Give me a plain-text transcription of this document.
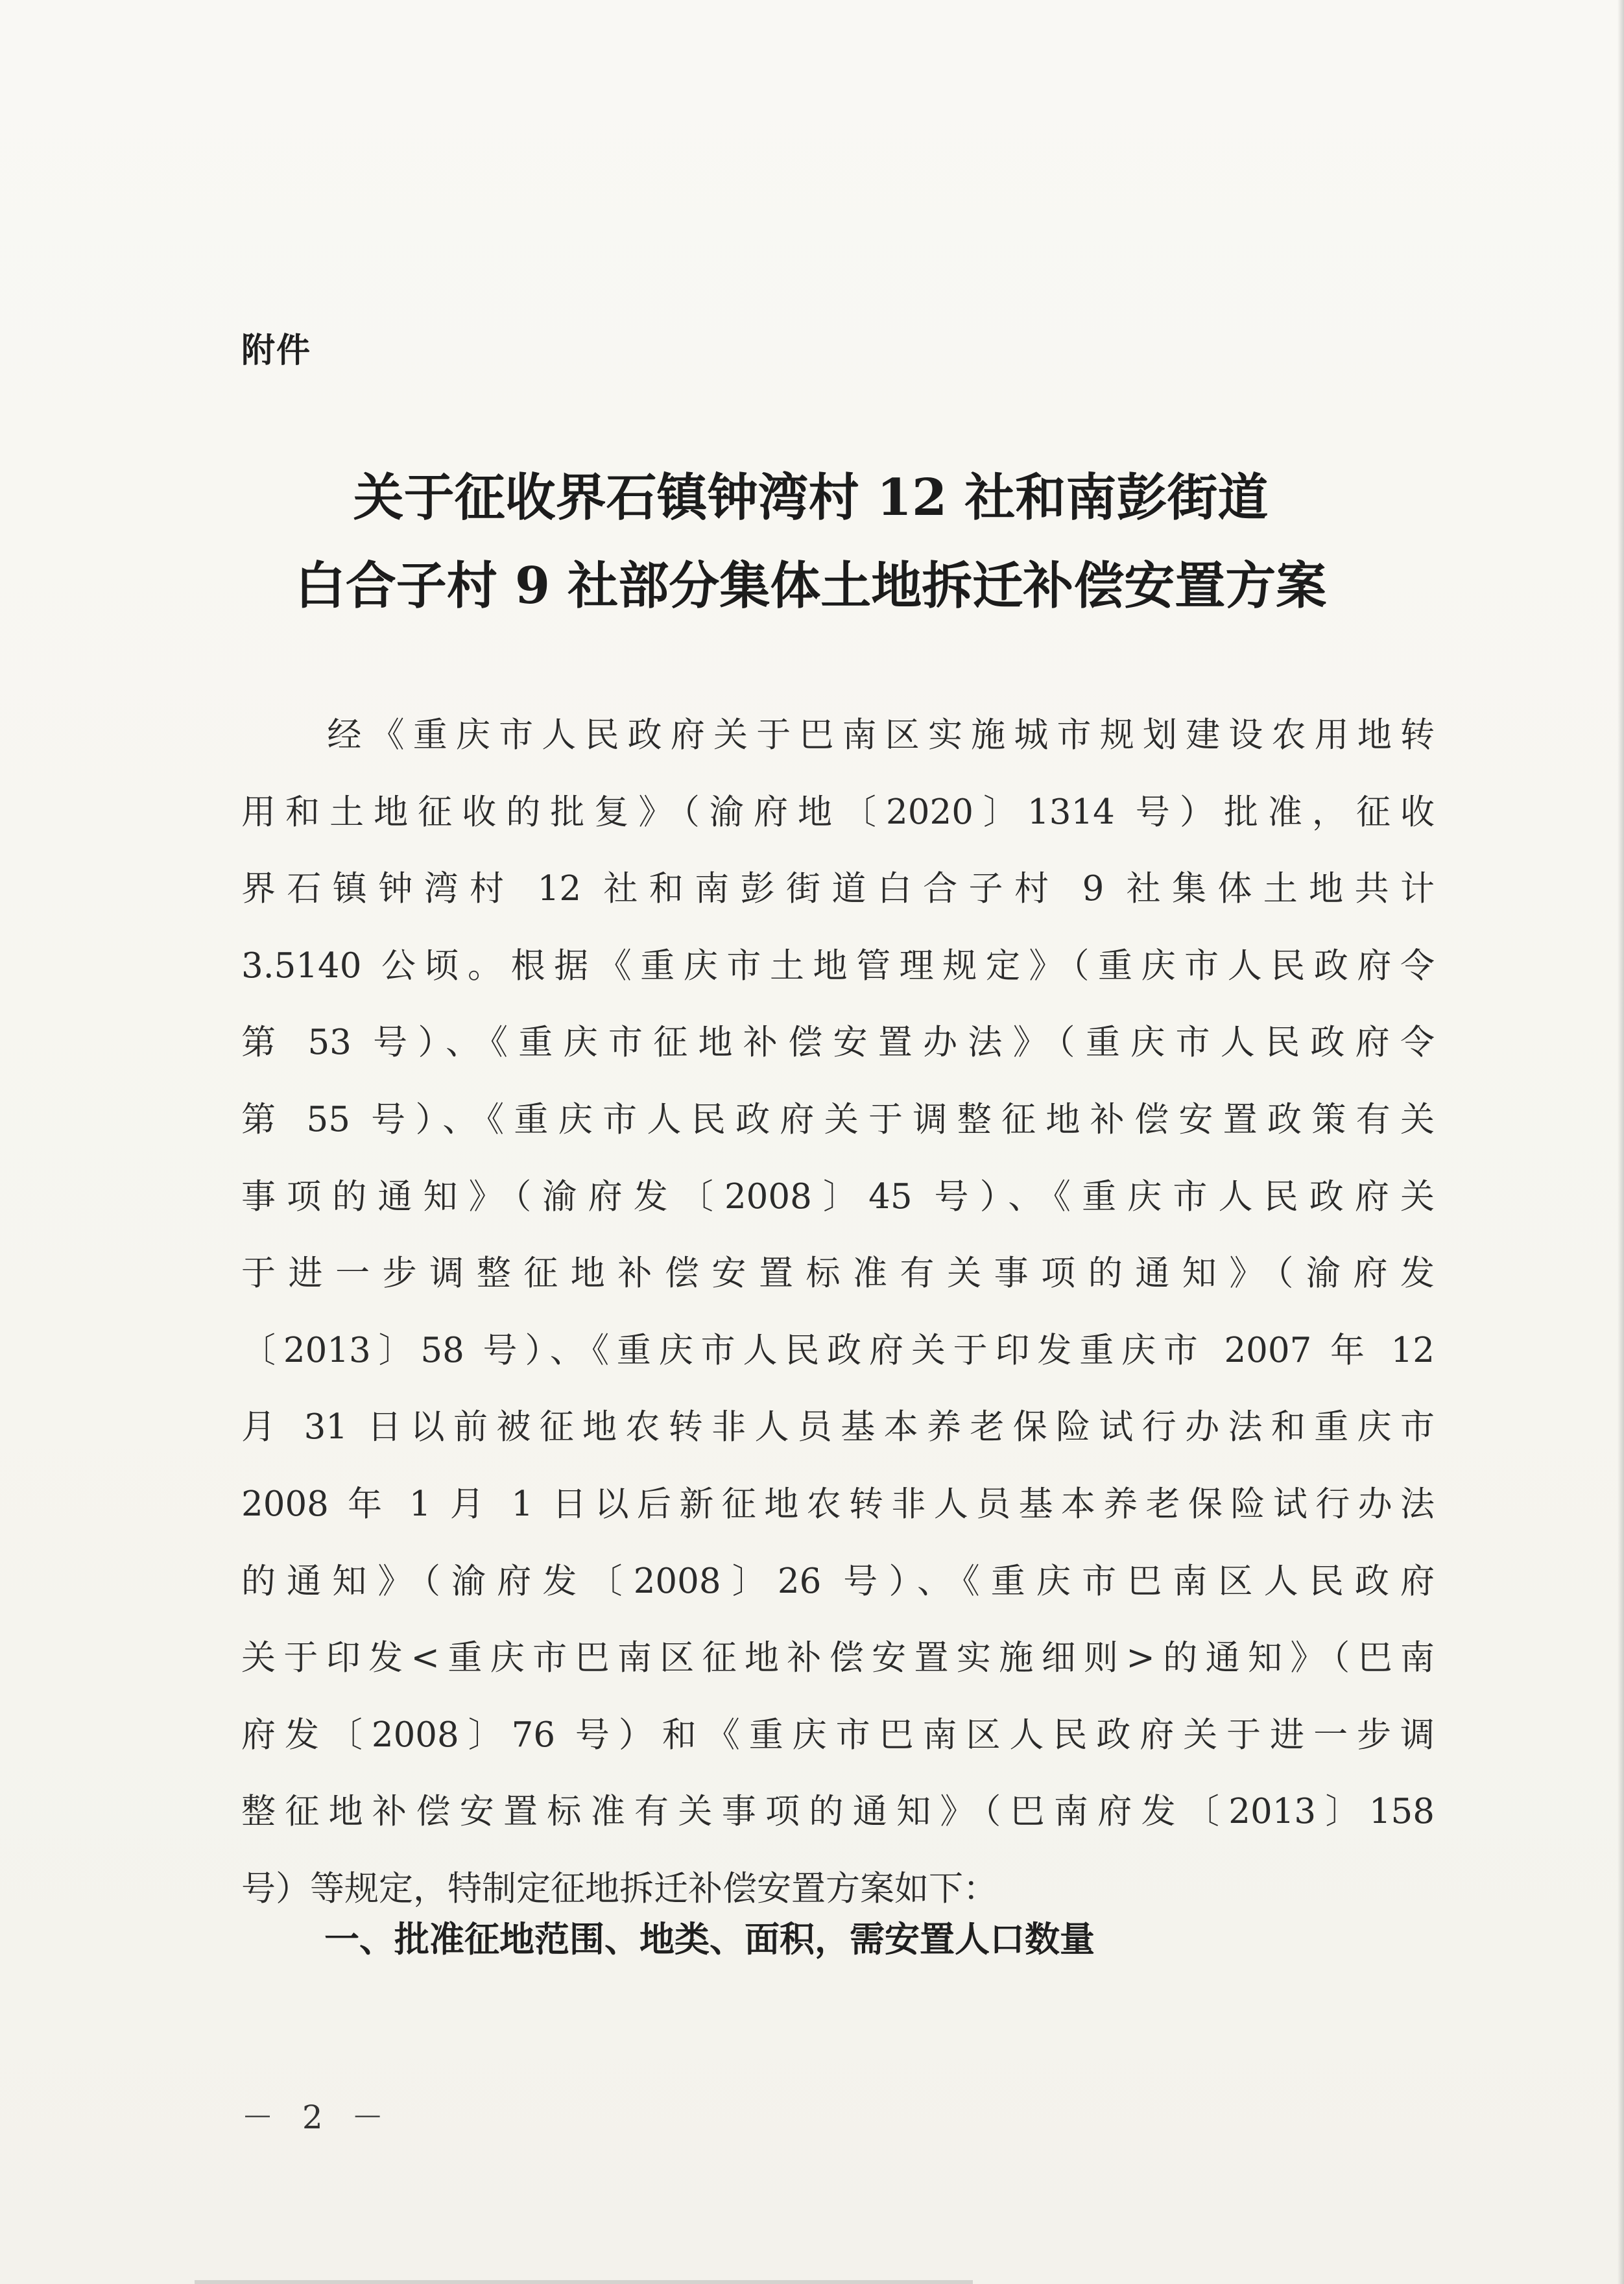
附件
关于征收界石镇钟湾村 12 社和南彭街道
白合子村 9 社部分集体土地拆迁补偿安置方案
　　经《重庆市人民政府关于巴南区实施城市规划建设农用地转
用和土地征收的批复》（渝府地〔2020〕1314 号）批准，征收
界石镇钟湾村 12 社和南彭街道白合子村 9 社集体土地共计
3.5140 公顷。根据《重庆市土地管理规定》（重庆市人民政府令
第 53 号）、《重庆市征地补偿安置办法》（重庆市人民政府令
第 55 号）、《重庆市人民政府关于调整征地补偿安置政策有关
事项的通知》（渝府发〔2008〕45 号）、《重庆市人民政府关
于进一步调整征地补偿安置标准有关事项的通知》（渝府发
〔2013〕58 号）、《重庆市人民政府关于印发重庆市 2007 年 12
月 31 日以前被征地农转非人员基本养老保险试行办法和重庆市
2008 年 1 月 1 日以后新征地农转非人员基本养老保险试行办法
的通知》（渝府发〔2008〕26 号）、《重庆市巴南区人民政府
关于印发<重庆市巴南区征地补偿安置实施细则>的通知》（巴南
府发〔2008〕76 号）和《重庆市巴南区人民政府关于进一步调
整征地补偿安置标准有关事项的通知》（巴南府发〔2013〕158
号）等规定，特制定征地拆迁补偿安置方案如下：
一、批准征地范围、地类、面积，需安置人口数量
－ 2 －
